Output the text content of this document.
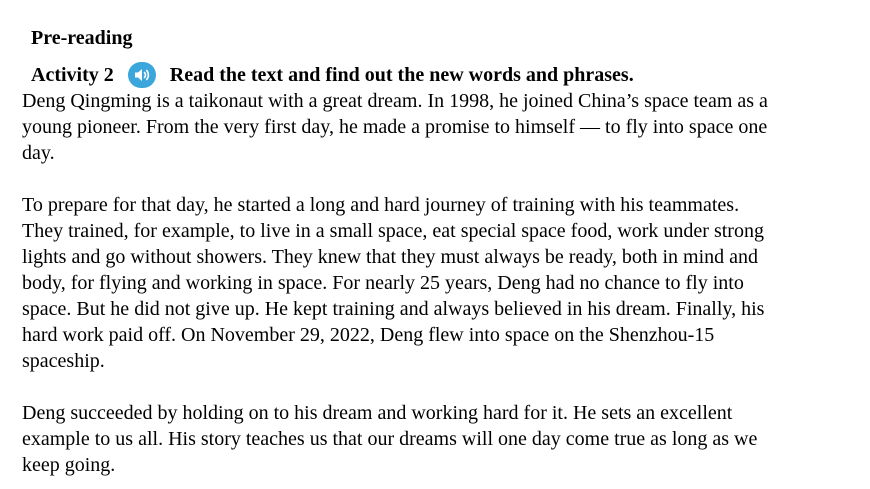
Pre-reading
Activity 2	Read the text and find out the new words and phrases.

Deng Qingming is a taikonaut with a great dream. In 1998, he joined China’s space team as a
young pioneer. From the very first day, he made a promise to himself — to fly into space one
day.

To prepare for that day, he started a long and hard journey of training with his teammates.
They trained, for example, to live in a small space, eat special space food, work under strong
lights and go without showers. They knew that they must always be ready, both in mind and
body, for flying and working in space. For nearly 25 years, Deng had no chance to fly into
space. But he did not give up. He kept training and always believed in his dream. Finally, his
hard work paid off. On November 29, 2022, Deng flew into space on the Shenzhou-15
spaceship.

Deng succeeded by holding on to his dream and working hard for it. He sets an excellent
example to us all. His story teaches us that our dreams will one day come true as long as we
keep going.
